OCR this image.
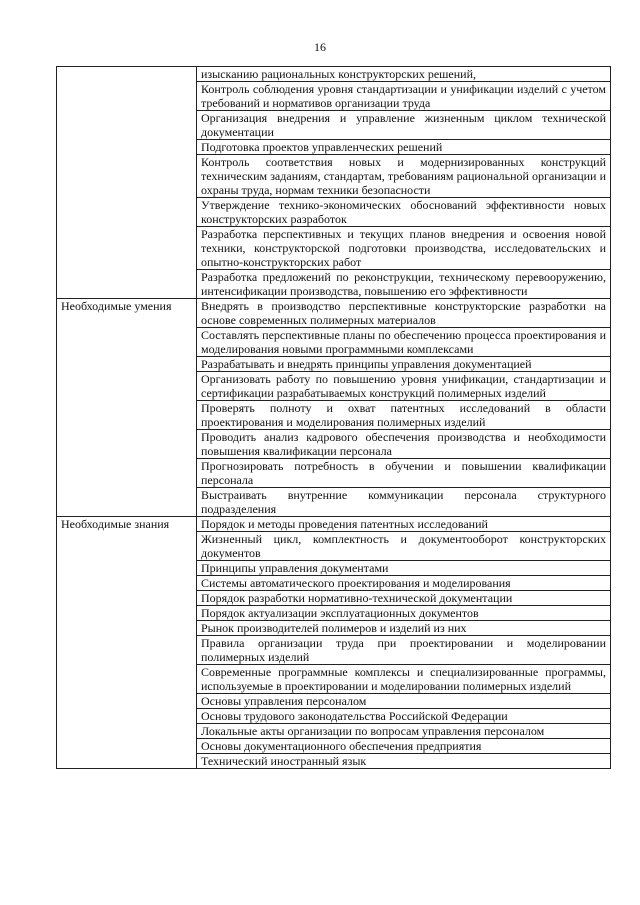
16
	изысканию рациональных конструкторских решений,
	Контроль соблюдения уровня стандартизации и унификации изделий с учетом требований и нормативов организации труда
	Организация внедрения и управление жизненным циклом технической документации
	Подготовка проектов управленческих решений
	Контроль соответствия новых и модернизированных конструкций техническим заданиям, стандартам, требованиям рациональной организации и охраны труда, нормам техники безопасности
	Утверждение технико-экономических обоснований эффективности новых конструкторских разработок
	Разработка перспективных и текущих планов внедрения и освоения новой техники, конструкторской подготовки производства, исследовательских и опытно-конструкторских работ
	Разработка предложений по реконструкции, техническому перевооружению, интенсификации производства, повышению его эффективности
Необходимые умения	Внедрять в производство перспективные конструкторские разработки на основе современных полимерных материалов
	Составлять перспективные планы по обеспечению процесса проектирования и моделирования новыми программными комплексами
	Разрабатывать и внедрять принципы управления документацией
	Организовать работу по повышению уровня унификации, стандартизации и сертификации разрабатываемых конструкций полимерных изделий
	Проверять полноту и охват патентных исследований в области проектирования и моделирования полимерных изделий
	Проводить анализ кадрового обеспечения производства и необходимости повышения квалификации персонала
	Прогнозировать потребность в обучении и повышении квалификации персонала
	Выстраивать внутренние коммуникации персонала структурного подразделения
Необходимые знания	Порядок и методы проведения патентных исследований
	Жизненный цикл, комплектность и документооборот конструкторских документов
	Принципы управления документами
	Системы автоматического проектирования и моделирования
	Порядок разработки нормативно-технической документации
	Порядок актуализации эксплуатационных документов
	Рынок производителей полимеров и изделий из них
	Правила организации труда при проектировании и моделировании полимерных изделий
	Современные программные комплексы и специализированные программы, используемые в проектировании и моделировании полимерных изделий
	Основы управления персоналом
	Основы трудового законодательства Российской Федерации
	Локальные акты организации по вопросам управления персоналом
	Основы документационного обеспечения предприятия
	Технический иностранный язык
